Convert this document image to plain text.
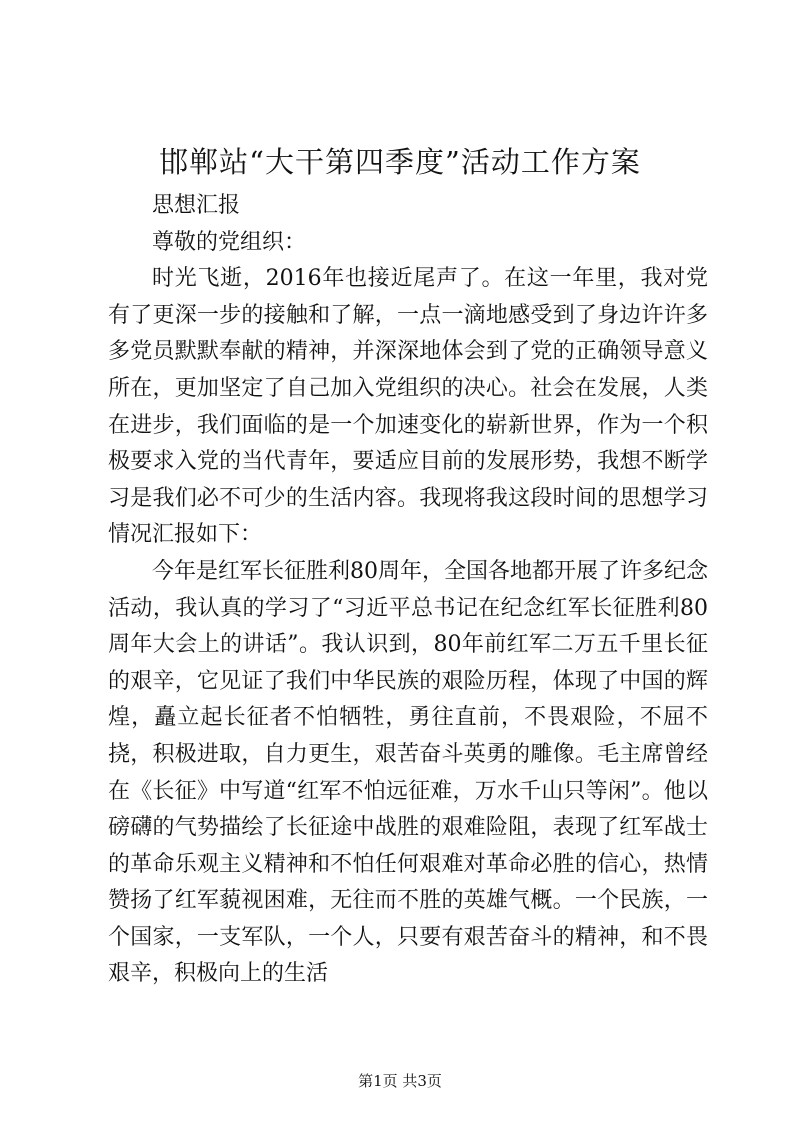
邯郸站“大干第四季度”活动工作方案

思想汇报

尊敬的党组织：

时光飞逝，2016年也接近尾声了。在这一年里，我对党有了更深一步的接触和了解，一点一滴地感受到了身边许许多多党员默默奉献的精神，并深深地体会到了党的正确领导意义所在，更加坚定了自己加入党组织的决心。社会在发展，人类在进步，我们面临的是一个加速变化的崭新世界，作为一个积极要求入党的当代青年，要适应目前的发展形势，我想不断学习是我们必不可少的生活内容。我现将我这段时间的思想学习情况汇报如下：

今年是红军长征胜利80周年，全国各地都开展了许多纪念活动，我认真的学习了“习近平总书记在纪念红军长征胜利80周年大会上的讲话”。我认识到，80年前红军二万五千里长征的艰辛，它见证了我们中华民族的艰险历程，体现了中国的辉煌，矗立起长征者不怕牺牲，勇往直前，不畏艰险，不屈不挠，积极进取，自力更生，艰苦奋斗英勇的雕像。毛主席曾经在《长征》中写道“红军不怕远征难，万水千山只等闲”。他以磅礴的气势描绘了长征途中战胜的艰难险阻，表现了红军战士的革命乐观主义精神和不怕任何艰难对革命必胜的信心，热情赞扬了红军藐视困难，无往而不胜的英雄气概。一个民族，一个国家，一支军队，一个人，只要有艰苦奋斗的精神，和不畏艰辛，积极向上的生活

第1页 共3页
